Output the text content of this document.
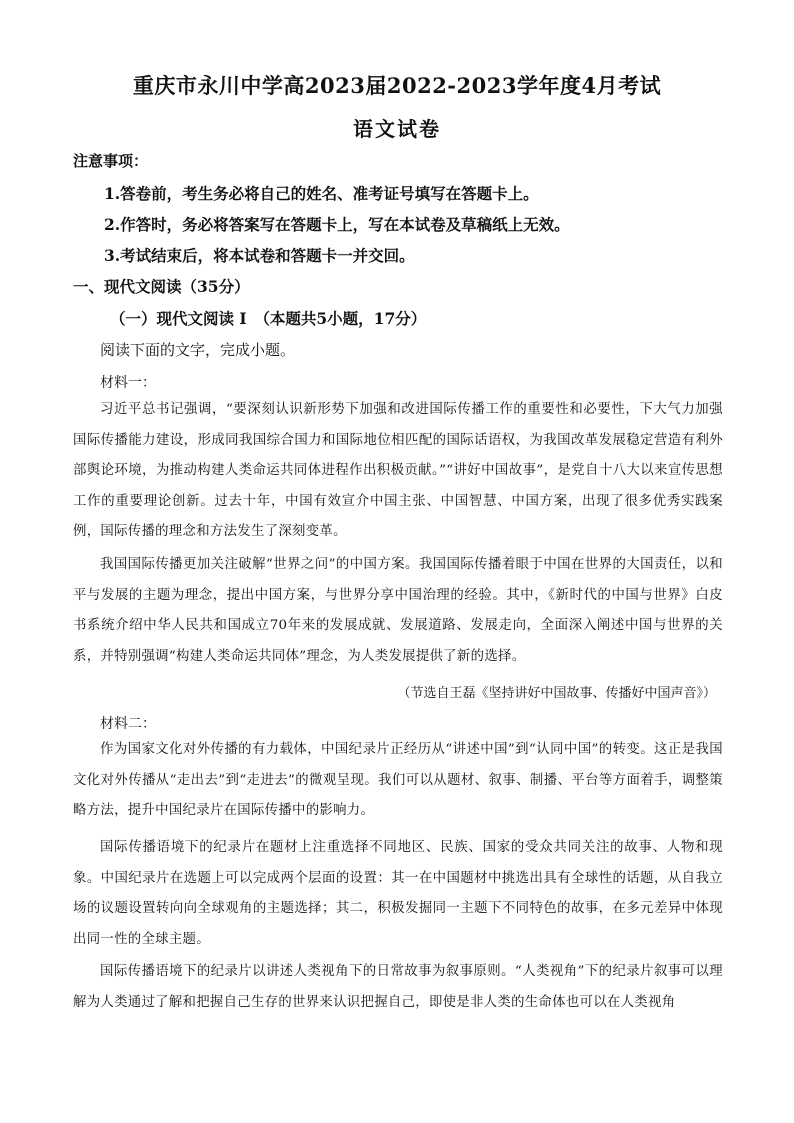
重庆市永川中学高2023届2022-2023学年度4月考试
语文试卷
注意事项：
1.答卷前，考生务必将自己的姓名、准考证号填写在答题卡上。
2.作答时，务必将答案写在答题卡上，写在本试卷及草稿纸上无效。
3.考试结束后，将本试卷和答题卡一并交回。
一、现代文阅读（35分）
（一）现代文阅读 I　（本题共5小题，17分）
阅读下面的文字，完成小题。
材料一：
习近平总书记强调，“要深刻认识新形势下加强和改进国际传播工作的重要性和必要性，下大气力加强国际传播能力建设，形成同我国综合国力和国际地位相匹配的国际话语权，为我国改革发展稳定营造有利外部舆论环境，为推动构建人类命运共同体进程作出积极贡献。”“讲好中国故事”，是党自十八大以来宣传思想工作的重要理论创新。过去十年，中国有效宣介中国主张、中国智慧、中国方案，出现了很多优秀实践案例，国际传播的理念和方法发生了深刻变革。
我国国际传播更加关注破解“世界之问”的中国方案。我国国际传播着眼于中国在世界的大国责任，以和平与发展的主题为理念，提出中国方案，与世界分享中国治理的经验。其中，《新时代的中国与世界》白皮书系统介绍中华人民共和国成立70年来的发展成就、发展道路、发展走向，全面深入阐述中国与世界的关系，并特别强调“构建人类命运共同体”理念，为人类发展提供了新的选择。
（节选自王磊《坚持讲好中国故事、传播好中国声音》）
材料二：
作为国家文化对外传播的有力载体，中国纪录片正经历从“讲述中国”到“认同中国”的转变。这正是我国文化对外传播从“走出去”到“走进去”的微观呈现。我们可以从题材、叙事、制播、平台等方面着手，调整策略方法，提升中国纪录片在国际传播中的影响力。
国际传播语境下的纪录片在题材上注重选择不同地区、民族、国家的受众共同关注的故事、人物和现象。中国纪录片在选题上可以完成两个层面的设置：其一在中国题材中挑选出具有全球性的话题，从自我立场的议题设置转向向全球观角的主题选择；其二，积极发掘同一主题下不同特色的故事，在多元差异中体现出同一性的全球主题。
国际传播语境下的纪录片以讲述人类视角下的日常故事为叙事原则。“人类视角”下的纪录片叙事可以理解为人类通过了解和把握自己生存的世界来认识把握自己，即使是非人类的生命体也可以在人类视角
